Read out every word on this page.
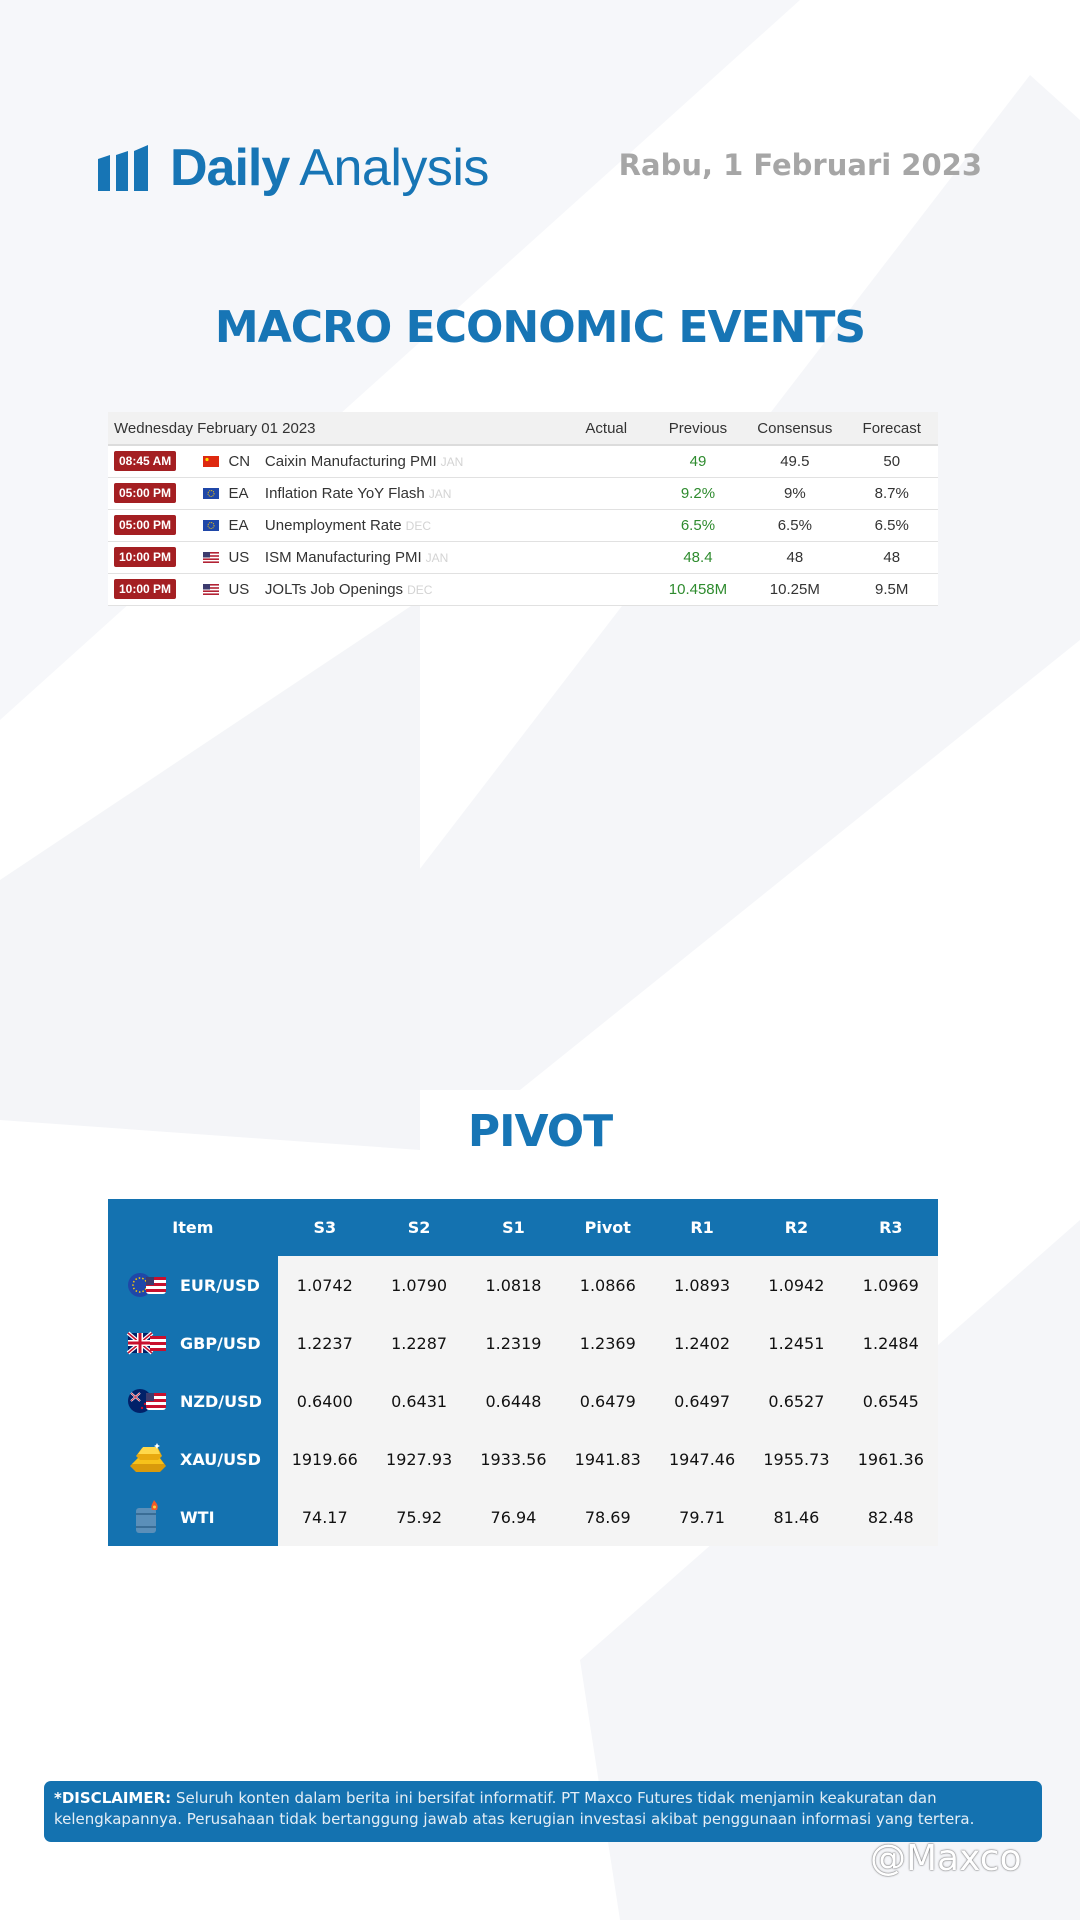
Daily Analysis	Rabu, 1 Februari 2023
MACRO ECONOMIC EVENTS
Wednesday February 01 2023				Actual	Previous	Consensus	Forecast
08:45 AM		CN	Caixin Manufacturing PMI JAN		49	49.5	50
05:00 PM		EA	Inflation Rate YoY Flash JAN		9.2%	9%	8.7%
05:00 PM		EA	Unemployment Rate DEC		6.5%	6.5%	6.5%
10:00 PM		US	ISM Manufacturing PMI JAN		48.4	48	48
10:00 PM		US	JOLTs Job Openings DEC		10.458M	10.25M	9.5M
PIVOT
Item	S3	S2	S1	Pivot	R1	R2	R3

EUR/USD	1.0742	1.0790	1.0818	1.0866	1.0893	1.0942	1.0969

GBP/USD	1.2237	1.2287	1.2319	1.2369	1.2402	1.2451	1.2484

NZD/USD	0.6400	0.6431	0.6448	0.6479	0.6497	0.6527	0.6545

XAU/USD	1919.66	1927.93	1933.56	1941.83	1947.46	1955.73	1961.36

WTI	74.17	75.92	76.94	78.69	79.71	81.46	82.48
*DISCLAIMER: Seluruh konten dalam berita ini bersifat informatif. PT Maxco Futures tidak menjamin keakuratan dan kelengkapannya. Perusahaan tidak bertanggung jawab atas kerugian investasi akibat penggunaan informasi yang tertera.
@Maxco
